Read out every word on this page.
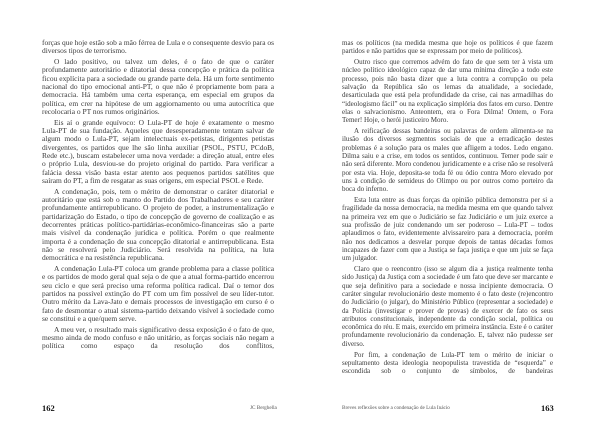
forças que hoje estão sob a mão férrea de Lula e o consequente desvio para os diversos tipos de terrorismo.

O lado positivo, ou talvez um deles, é o fato de que o caráter profundamente autoritário e ditatorial dessa concepção e prática da política ficou explícita para a sociedade ou grande parte dela. Há um forte sentimento nacional do tipo emocional anti-PT, o que não é propriamente bom para a democracia. Há também uma certa esperança, em especial em grupos da política, em crer na hipótese de um aggiornamento ou uma autocrítica que recolocaria o PT nos rumos originários.

Eis aí o grande equívoco: O Lula-PT de hoje é exatamente o mesmo Lula-PT de sua fundação. Aqueles que desesperadamente tentam salvar de algum modo o Lula-PT, sejam intelectuais ex-petistas, dirigentes petistas divergentes, os partidos que lhe são linha auxiliar (PSOL, PSTU, PCdoB, Rede etc.), buscam estabelecer uma nova verdade: a direção atual, entre eles o próprio Lula, desviou-se do projeto original do partido. Para verificar a falácia dessa visão basta estar atento aos pequenos partidos satélites que saíram do PT, a fim de resgatar as suas origens, em especial PSOL e Rede.

A condenação, pois, tem o mérito de demonstrar o caráter ditatorial e autoritário que está sob o manto do Partido dos Trabalhadores e seu caráter profundamente antirrepublicano. O projeto de poder, a instrumentalização e partidarização do Estado, o tipo de concepção de governo de coalização e as decorrentes práticas político-partidárias-econômico-financeiras são a parte mais visível da condenação jurídica e política. Porém o que realmente importa é a condenação de sua concepção ditatorial e antirrepublicana. Esta não se resolverá pelo Judiciário. Será resolvida na política, na luta democrática e na resistência republicana.

A condenação Lula-PT coloca um grande problema para a classe política e os partidos de modo geral qual seja o de que a atual forma-partido encerrou seu ciclo e que será preciso uma reforma política radical. Daí o temor dos partidos na possível extinção do PT com um fim possível de seu líder-tutor. Outro mérito da Lava-Jato e demais processos de investigação em curso é o fato de desmontar o atual sistema-partido deixando visível à sociedade como se constitui e a que/quem serve.

A meu ver, o resultado mais significativo dessa exposição é o fato de que, mesmo ainda de modo confuso e não unitário, as forças sociais não negam a política como espaço da resolução dos conflitos,

mas os políticos (na medida mesma que hoje os políticos é que fazem partidos e não partidos que se expressam por meio de políticos).

Outro risco que corremos advém do fato de que sem ter à vista um núcleo político ideológico capaz de dar uma mínima direção a todo este processo, pois não basta dizer que a luta contra a corrupção ou pela salvação da República são os lemas da atualidade, a sociedade, desarticulada que está pela profundidade da crise, cai nas armadilhas do “ideologismo fácil” ou na explicação simplória dos fatos em curso. Dentre elas o salvacionismo. Anteontem, era o Fora Dilma! Ontem, o Fora Temer! Hoje, o herói justiceiro Moro.

A reificação dessas bandeiras ou palavras de ordem alimenta-se na ilusão dos diversos segmentos sociais de que a erradicação destes problemas é a solução para os males que afligem a todos. Ledo engano. Dilma saiu e a crise, em todos os sentidos, continuou. Temer pode sair e não será diferente. Moro condenou juridicamente e a crise não se resolverá por esta via. Hoje, deposita-se toda fé ou ódio contra Moro elevado por uns à condição de semideus do Olimpo ou por outros como porteiro da boca do inferno.

Esta luta entre as duas forças da opinião pública demonstra per si a fragilidade da nossa democracia, na medida mesma em que quando talvez na primeira vez em que o Judiciário se faz Judiciário e um juiz exerce a sua profissão de juiz condenando um ser poderoso – Lula-PT – todos aplaudimos o fato, evidentemente alvissareiro para a democracia, porém não nos dedicamos a desvelar porque depois de tantas décadas fomos incapazes de fazer com que a Justiça se faça justiça e que um juiz se faça um julgador.

Claro que o reencontro (isso se algum dia a justiça realmente tenha sido Justiça) da Justiça com a sociedade é um fato que deve ser marcante e que seja definitivo para a sociedade e nossa incipiente democracia. O caráter singular revolucionário deste momento é o fato deste (re)encontro do Judiciário (o julgar), do Ministério Público (representar a sociedade) e da Polícia (investigar e prover de provas) de exercer de fato os seus atributos constitucionais, independente da condição social, política ou econômica do réu. E mais, exercido em primeira instância. Este é o caráter profundamente revolucionário da condenação. E, talvez não pudesse ser diverso.

Por fim, a condenação de Lula-PT tem o mérito de iniciar o sepultamento desta ideologia neopopulista travestida de “esquerda” e escondida sob o conjunto de símbolos, de bandeiras

162	JC Berghella	Breves reflexões sobre a condenação de Lula Inácio	163
